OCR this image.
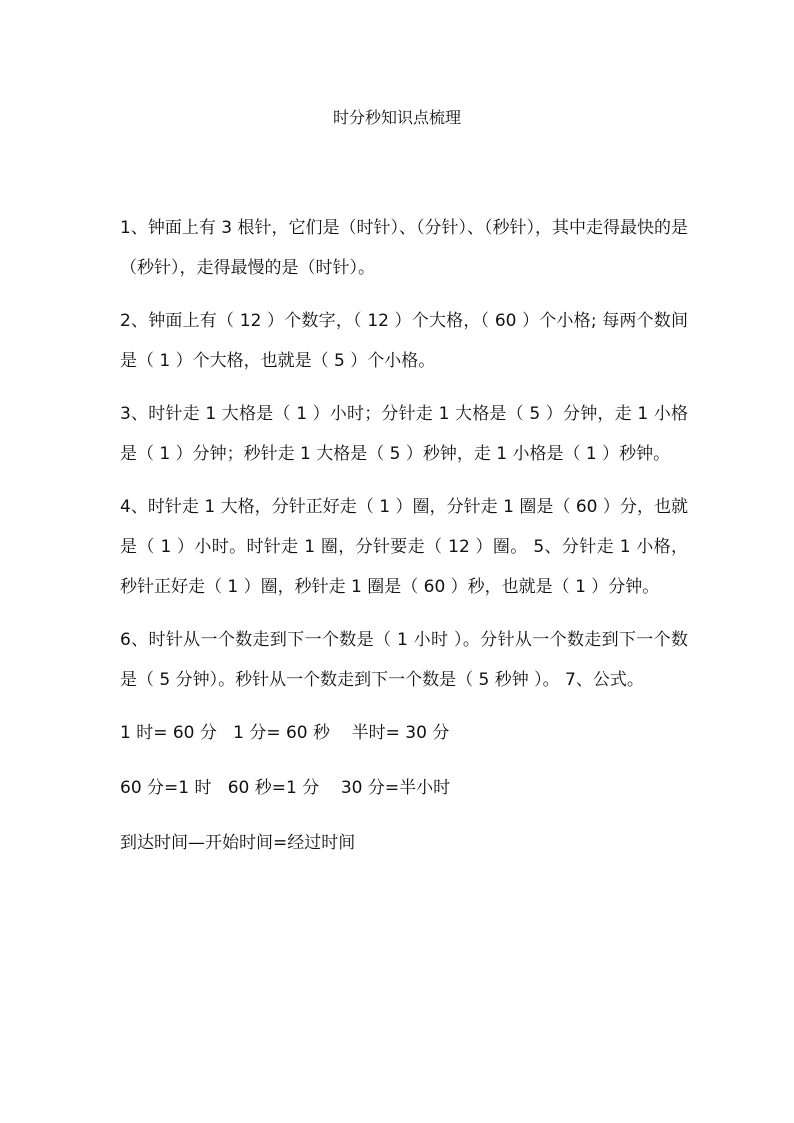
时分秒知识点梳理

1、钟面上有 3 根针，它们是（时针）、（分针）、（秒针），其中走得最快的是（秒针），走得最慢的是（时针）。

2、钟面上有（ 12 ）个数字，（ 12 ）个大格，（ 60 ）个小格; 每两个数间是（ 1 ）个大格，也就是（ 5 ）个小格。

3、时针走 1 大格是（ 1 ）小时；分针走 1 大格是（ 5 ）分钟，走 1 小格是（ 1 ）分钟；秒针走 1 大格是（ 5 ）秒钟，走 1 小格是（ 1 ）秒钟。

4、时针走 1 大格，分针正好走（ 1 ）圈，分针走 1 圈是（ 60 ）分，也就是（ 1 ）小时。时针走 1 圈，分针要走（ 12 ）圈。 5、分针走 1 小格，秒针正好走（ 1 ）圈，秒针走 1 圈是（ 60 ）秒，也就是（ 1 ）分钟。

6、时针从一个数走到下一个数是（ 1 小时 ）。分针从一个数走到下一个数是（ 5 分钟）。秒针从一个数走到下一个数是（ 5 秒钟 ）。 7、公式。

1 时= 60 分   1 分= 60 秒    半时= 30 分

60 分=1 时   60 秒=1 分    30 分=半小时

到达时间—开始时间=经过时间
